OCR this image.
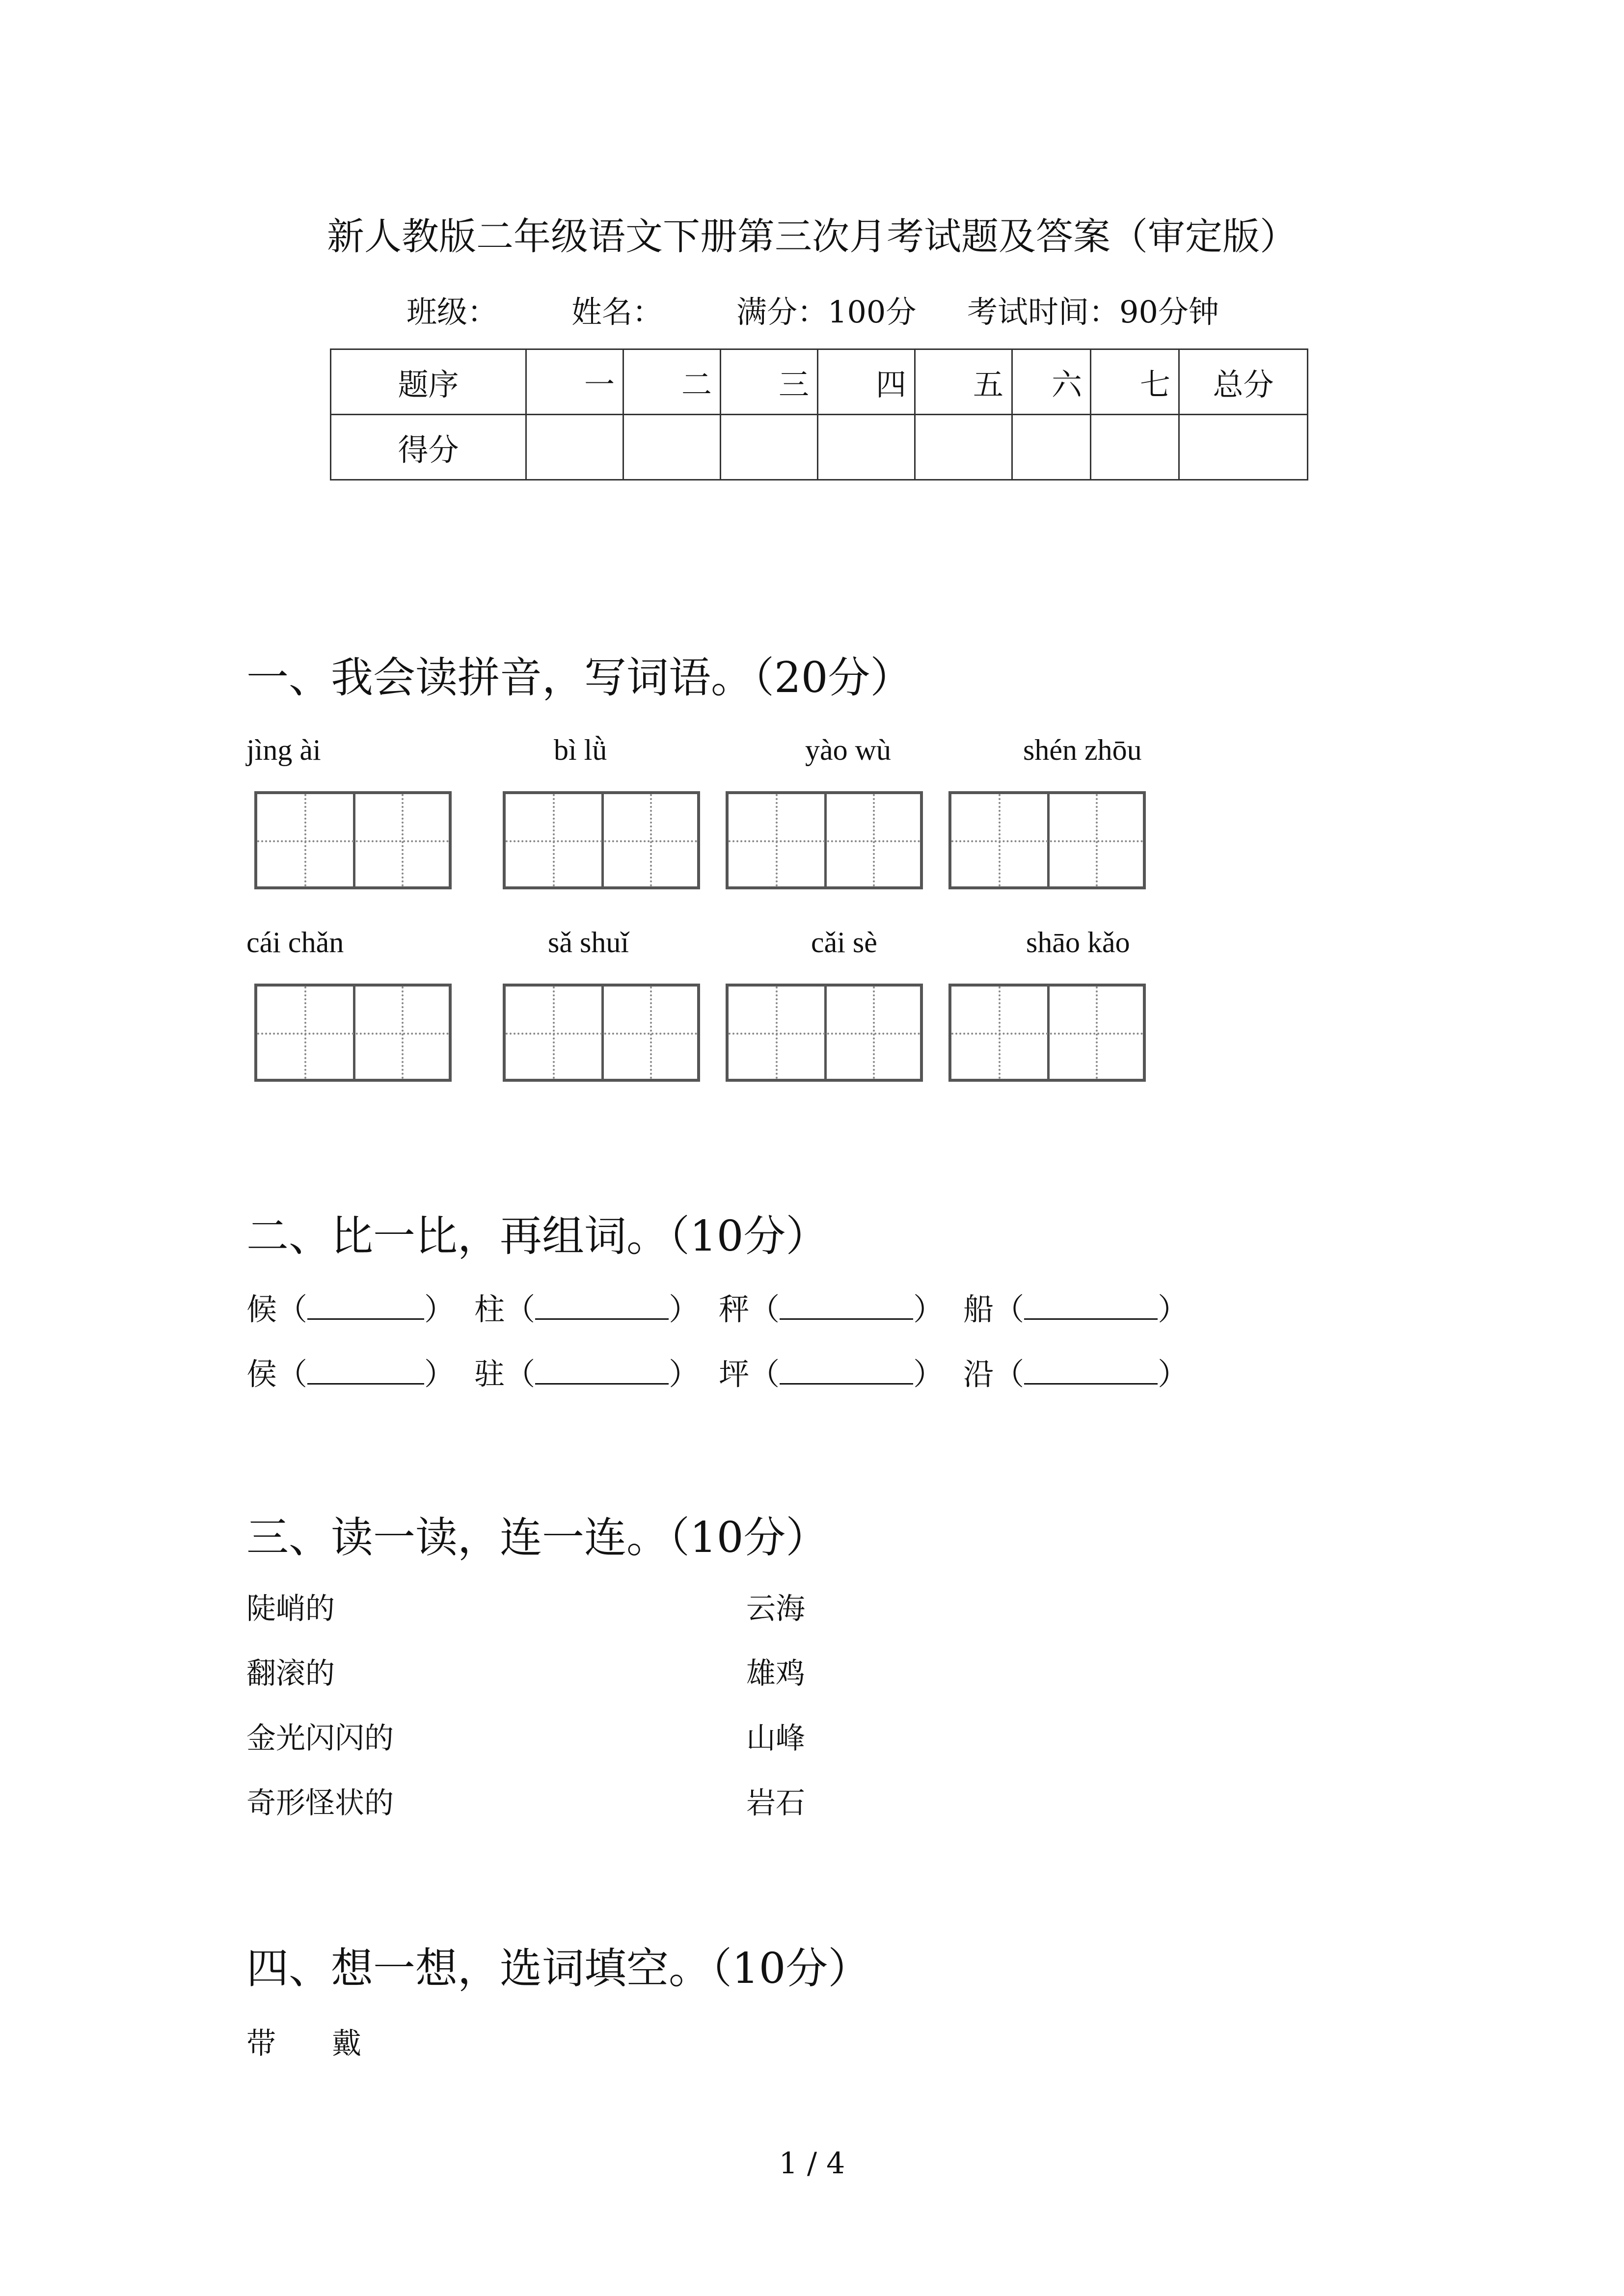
新人教版二年级语文下册第三次月考试题及答案（审定版）
班级： 姓名： 满分：100分 考试时间：90分钟
题序	一	二	三	四	五	六	七	总分
得分								
一、我会读拼音，写词语。（20分）
jìng ài	bì lǜ	yào wù	shén zhōu
cái chǎn	sǎ shuǐ	cǎi sè	shāo kǎo
二、比一比，再组词。（10分）
候（	） 柱（	） 秤（	） 船（	）
侯（	） 驻（	） 坪（	） 沿（	）
三、读一读，连一连。（10分）
陡峭的
翻滚的
金光闪闪的
奇形怪状的
云海
雄鸡
山峰
岩石
四、想一想，选词填空。（10分）
带 戴
1 / 4
